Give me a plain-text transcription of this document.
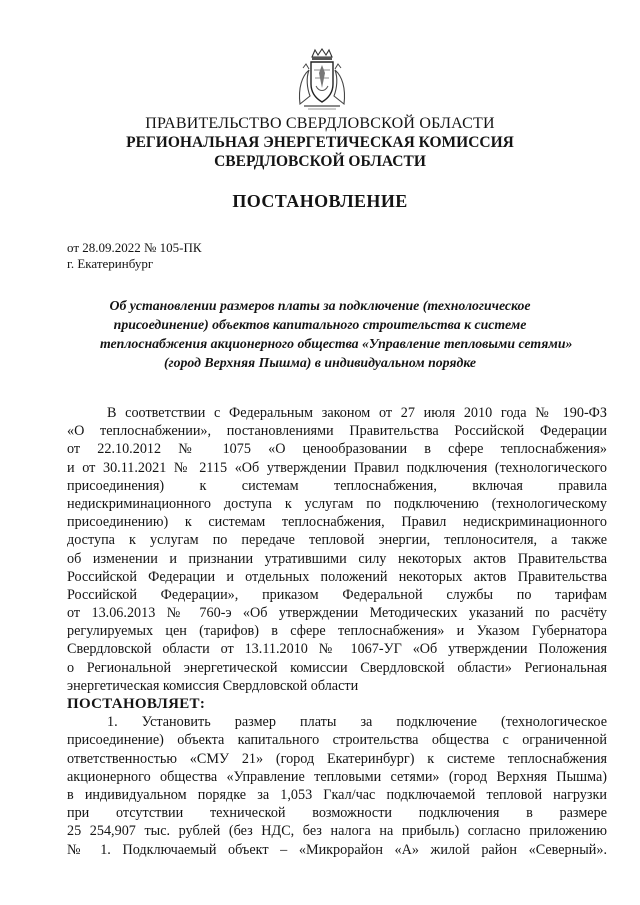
ПРАВИТЕЛЬСТВО СВЕРДЛОВСКОЙ ОБЛАСТИ
РЕГИОНАЛЬНАЯ ЭНЕРГЕТИЧЕСКАЯ КОМИССИЯ
СВЕРДЛОВСКОЙ ОБЛАСТИ
ПОСТАНОВЛЕНИЕ
от 28.09.2022 № 105-ПК
г. Екатеринбург
Об установлении размеров платы за подключение (технологическое
присоединение) объектов капитального строительства к системе
теплоснабжения акционерного общества «Управление тепловыми сетями»
(город Верхняя Пышма) в индивидуальном порядке
В соответствии с Федеральным законом от 27 июля 2010 года № 190-ФЗ
«О теплоснабжении», постановлениями Правительства Российской Федерации
от 22.10.2012 № 1075 «О ценообразовании в сфере теплоснабжения»
и от 30.11.2021 № 2115 «Об утверждении Правил подключения (технологического
присоединения) к системам теплоснабжения, включая правила
недискриминационного доступа к услугам по подключению (технологическому
присоединению) к системам теплоснабжения, Правил недискриминационного
доступа к услугам по передаче тепловой энергии, теплоносителя, а также
об изменении и признании утратившими силу некоторых актов Правительства
Российской Федерации и отдельных положений некоторых актов Правительства
Российской Федерации», приказом Федеральной службы по тарифам
от 13.06.2013 № 760-э «Об утверждении Методических указаний по расчёту
регулируемых цен (тарифов) в сфере теплоснабжения» и Указом Губернатора
Свердловской области от 13.11.2010 № 1067-УГ «Об утверждении Положения
о Региональной энергетической комиссии Свердловской области» Региональная
энергетическая комиссия Свердловской области
ПОСТАНОВЛЯЕТ:
1. Установить размер платы за подключение (технологическое
присоединение) объекта капитального строительства общества с ограниченной
ответственностью «СМУ 21» (город Екатеринбург) к системе теплоснабжения
акционерного общества «Управление тепловыми сетями» (город Верхняя Пышма)
в индивидуальном порядке за 1,053 Гкал/час подключаемой тепловой нагрузки
при отсутствии технической возможности подключения в размере
25 254,907 тыс. рублей (без НДС, без налога на прибыль) согласно приложению
№ 1. Подключаемый объект – «Микрорайон «А» жилой район «Северный».
